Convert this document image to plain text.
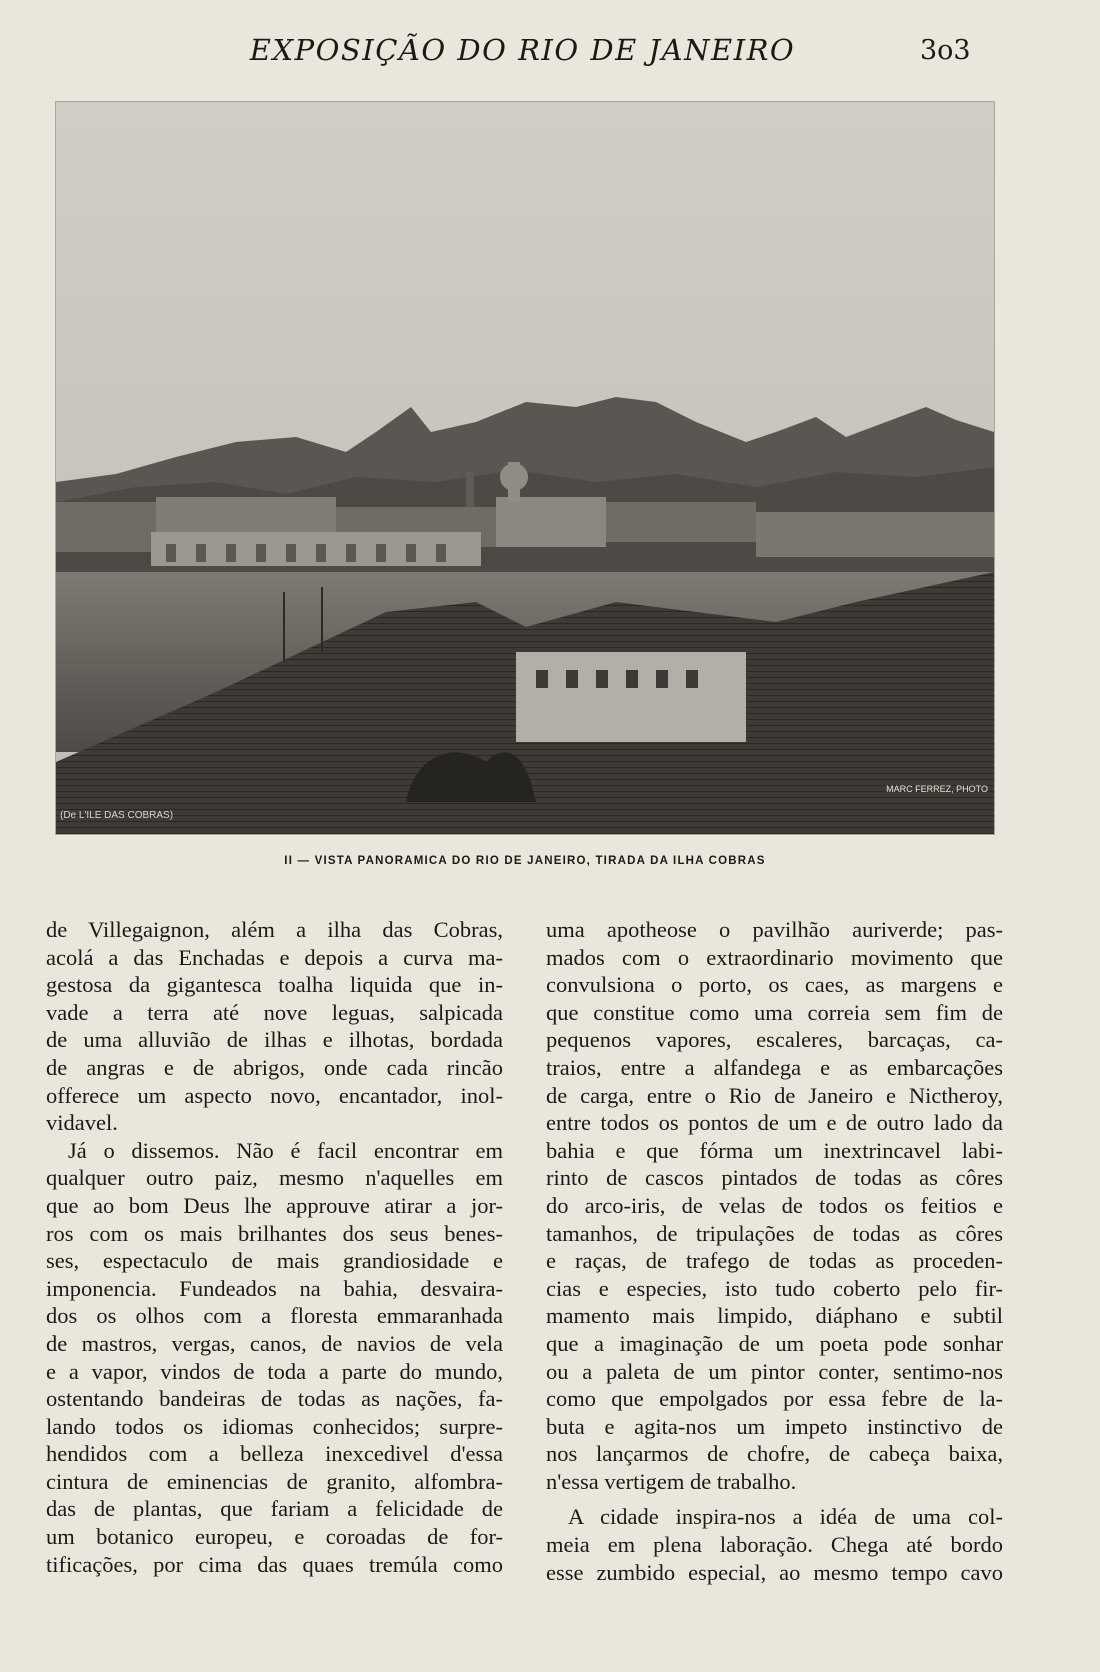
EXPOSIÇÃO DO RIO DE JANEIRO	3o3
(De L'ILE DAS COBRAS)
MARC FERREZ, PHOTO
II — VISTA PANORAMICA DO RIO DE JANEIRO, TIRADA DA ILHA COBRAS
de Villegaignon, além a ilha das Cobras,
acolá a das Enchadas e depois a curva ma-
gestosa da gigantesca toalha liquida que in-
vade a terra até nove leguas, salpicada
de uma alluvião de ilhas e ilhotas, bordada
de angras e de abrigos, onde cada rincão
offerece um aspecto novo, encantador, inol-
vidavel.
Já o dissemos. Não é facil encontrar em
qualquer outro paiz, mesmo n'aquelles em
que ao bom Deus lhe approuve atirar a jor-
ros com os mais brilhantes dos seus benes-
ses, espectaculo de mais grandiosidade e
imponencia. Fundeados na bahia, desvaira-
dos os olhos com a floresta emmaranhada
de mastros, vergas, canos, de navios de vela
e a vapor, vindos de toda a parte do mundo,
ostentando bandeiras de todas as nações, fa-
lando todos os idiomas conhecidos; surpre-
hendidos com a belleza inexcedivel d'essa
cintura de eminencias de granito, alfombra-
das de plantas, que fariam a felicidade de
um botanico europeu, e coroadas de for-
tificações, por cima das quaes tremúla como
uma apotheose o pavilhão auriverde; pas-
mados com o extraordinario movimento que
convulsiona o porto, os caes, as margens e
que constitue como uma correia sem fim de
pequenos vapores, escaleres, barcaças, ca-
traios, entre a alfandega e as embarcações
de carga, entre o Rio de Janeiro e Nictheroy,
entre todos os pontos de um e de outro lado da
bahia e que fórma um inextrincavel labi-
rinto de cascos pintados de todas as côres
do arco-iris, de velas de todos os feitios e
tamanhos, de tripulações de todas as côres
e raças, de trafego de todas as proceden-
cias e especies, isto tudo coberto pelo fir-
mamento mais limpido, diáphano e subtil
que a imaginação de um poeta pode sonhar
ou a paleta de um pintor conter, sentimo-nos
como que empolgados por essa febre de la-
buta e agita-nos um impeto instinctivo de
nos lançarmos de chofre, de cabeça baixa,
n'essa vertigem de trabalho.
A cidade inspira-nos a idéa de uma col-
meia em plena laboração. Chega até bordo
esse zumbido especial, ao mesmo tempo cavo
